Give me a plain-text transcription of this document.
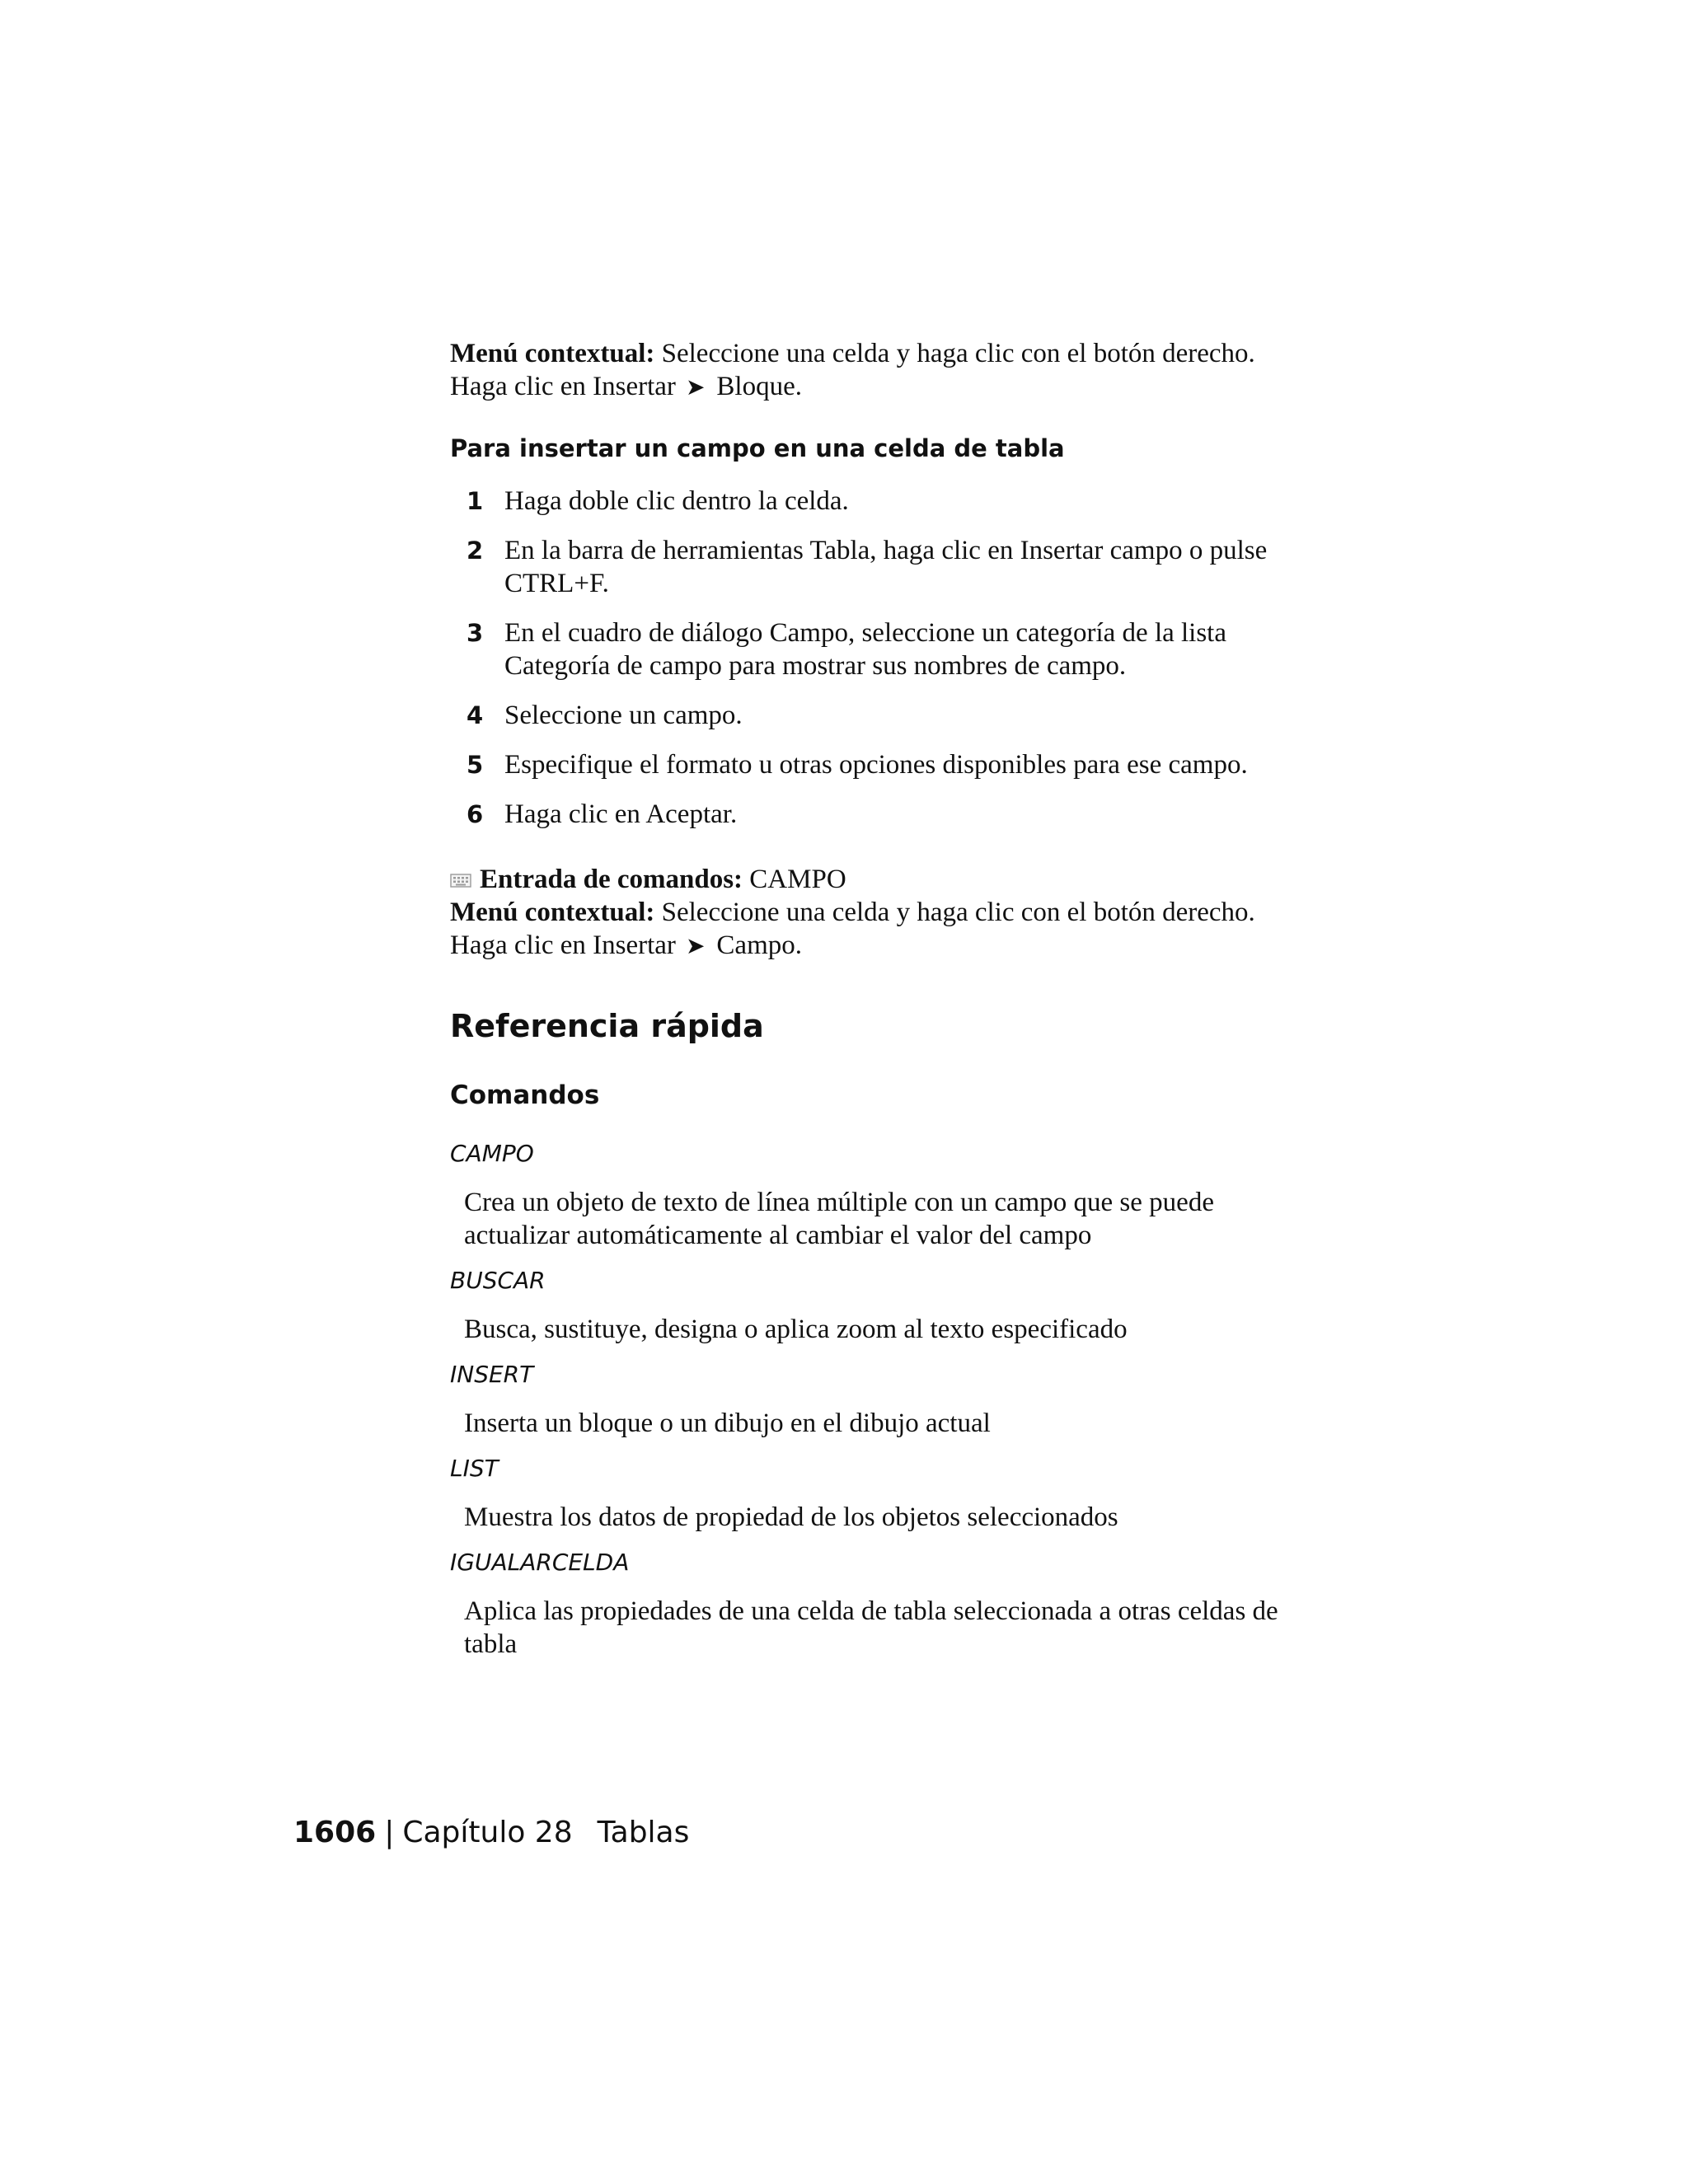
Menú contextual: Seleccione una celda y haga clic con el botón derecho.
Haga clic en Insertar ➤ Bloque.
Para insertar un campo en una celda de tabla
1 Haga doble clic dentro la celda.
2 En la barra de herramientas Tabla, haga clic en Insertar campo o pulse
CTRL+F.
3 En el cuadro de diálogo Campo, seleccione un categoría de la lista
Categoría de campo para mostrar sus nombres de campo.
4 Seleccione un campo.
5 Especifique el formato u otras opciones disponibles para ese campo.
6 Haga clic en Aceptar.
Entrada de comandos: CAMPO
Menú contextual: Seleccione una celda y haga clic con el botón derecho.
Haga clic en Insertar ➤ Campo.
Referencia rápida
Comandos
CAMPO
Crea un objeto de texto de línea múltiple con un campo que se puede
actualizar automáticamente al cambiar el valor del campo
BUSCAR
Busca, sustituye, designa o aplica zoom al texto especificado
INSERT
Inserta un bloque o un dibujo en el dibujo actual
LIST
Muestra los datos de propiedad de los objetos seleccionados
IGUALARCELDA
Aplica las propiedades de una celda de tabla seleccionada a otras celdas de
tabla
1606 | Capítulo 28 Tablas
